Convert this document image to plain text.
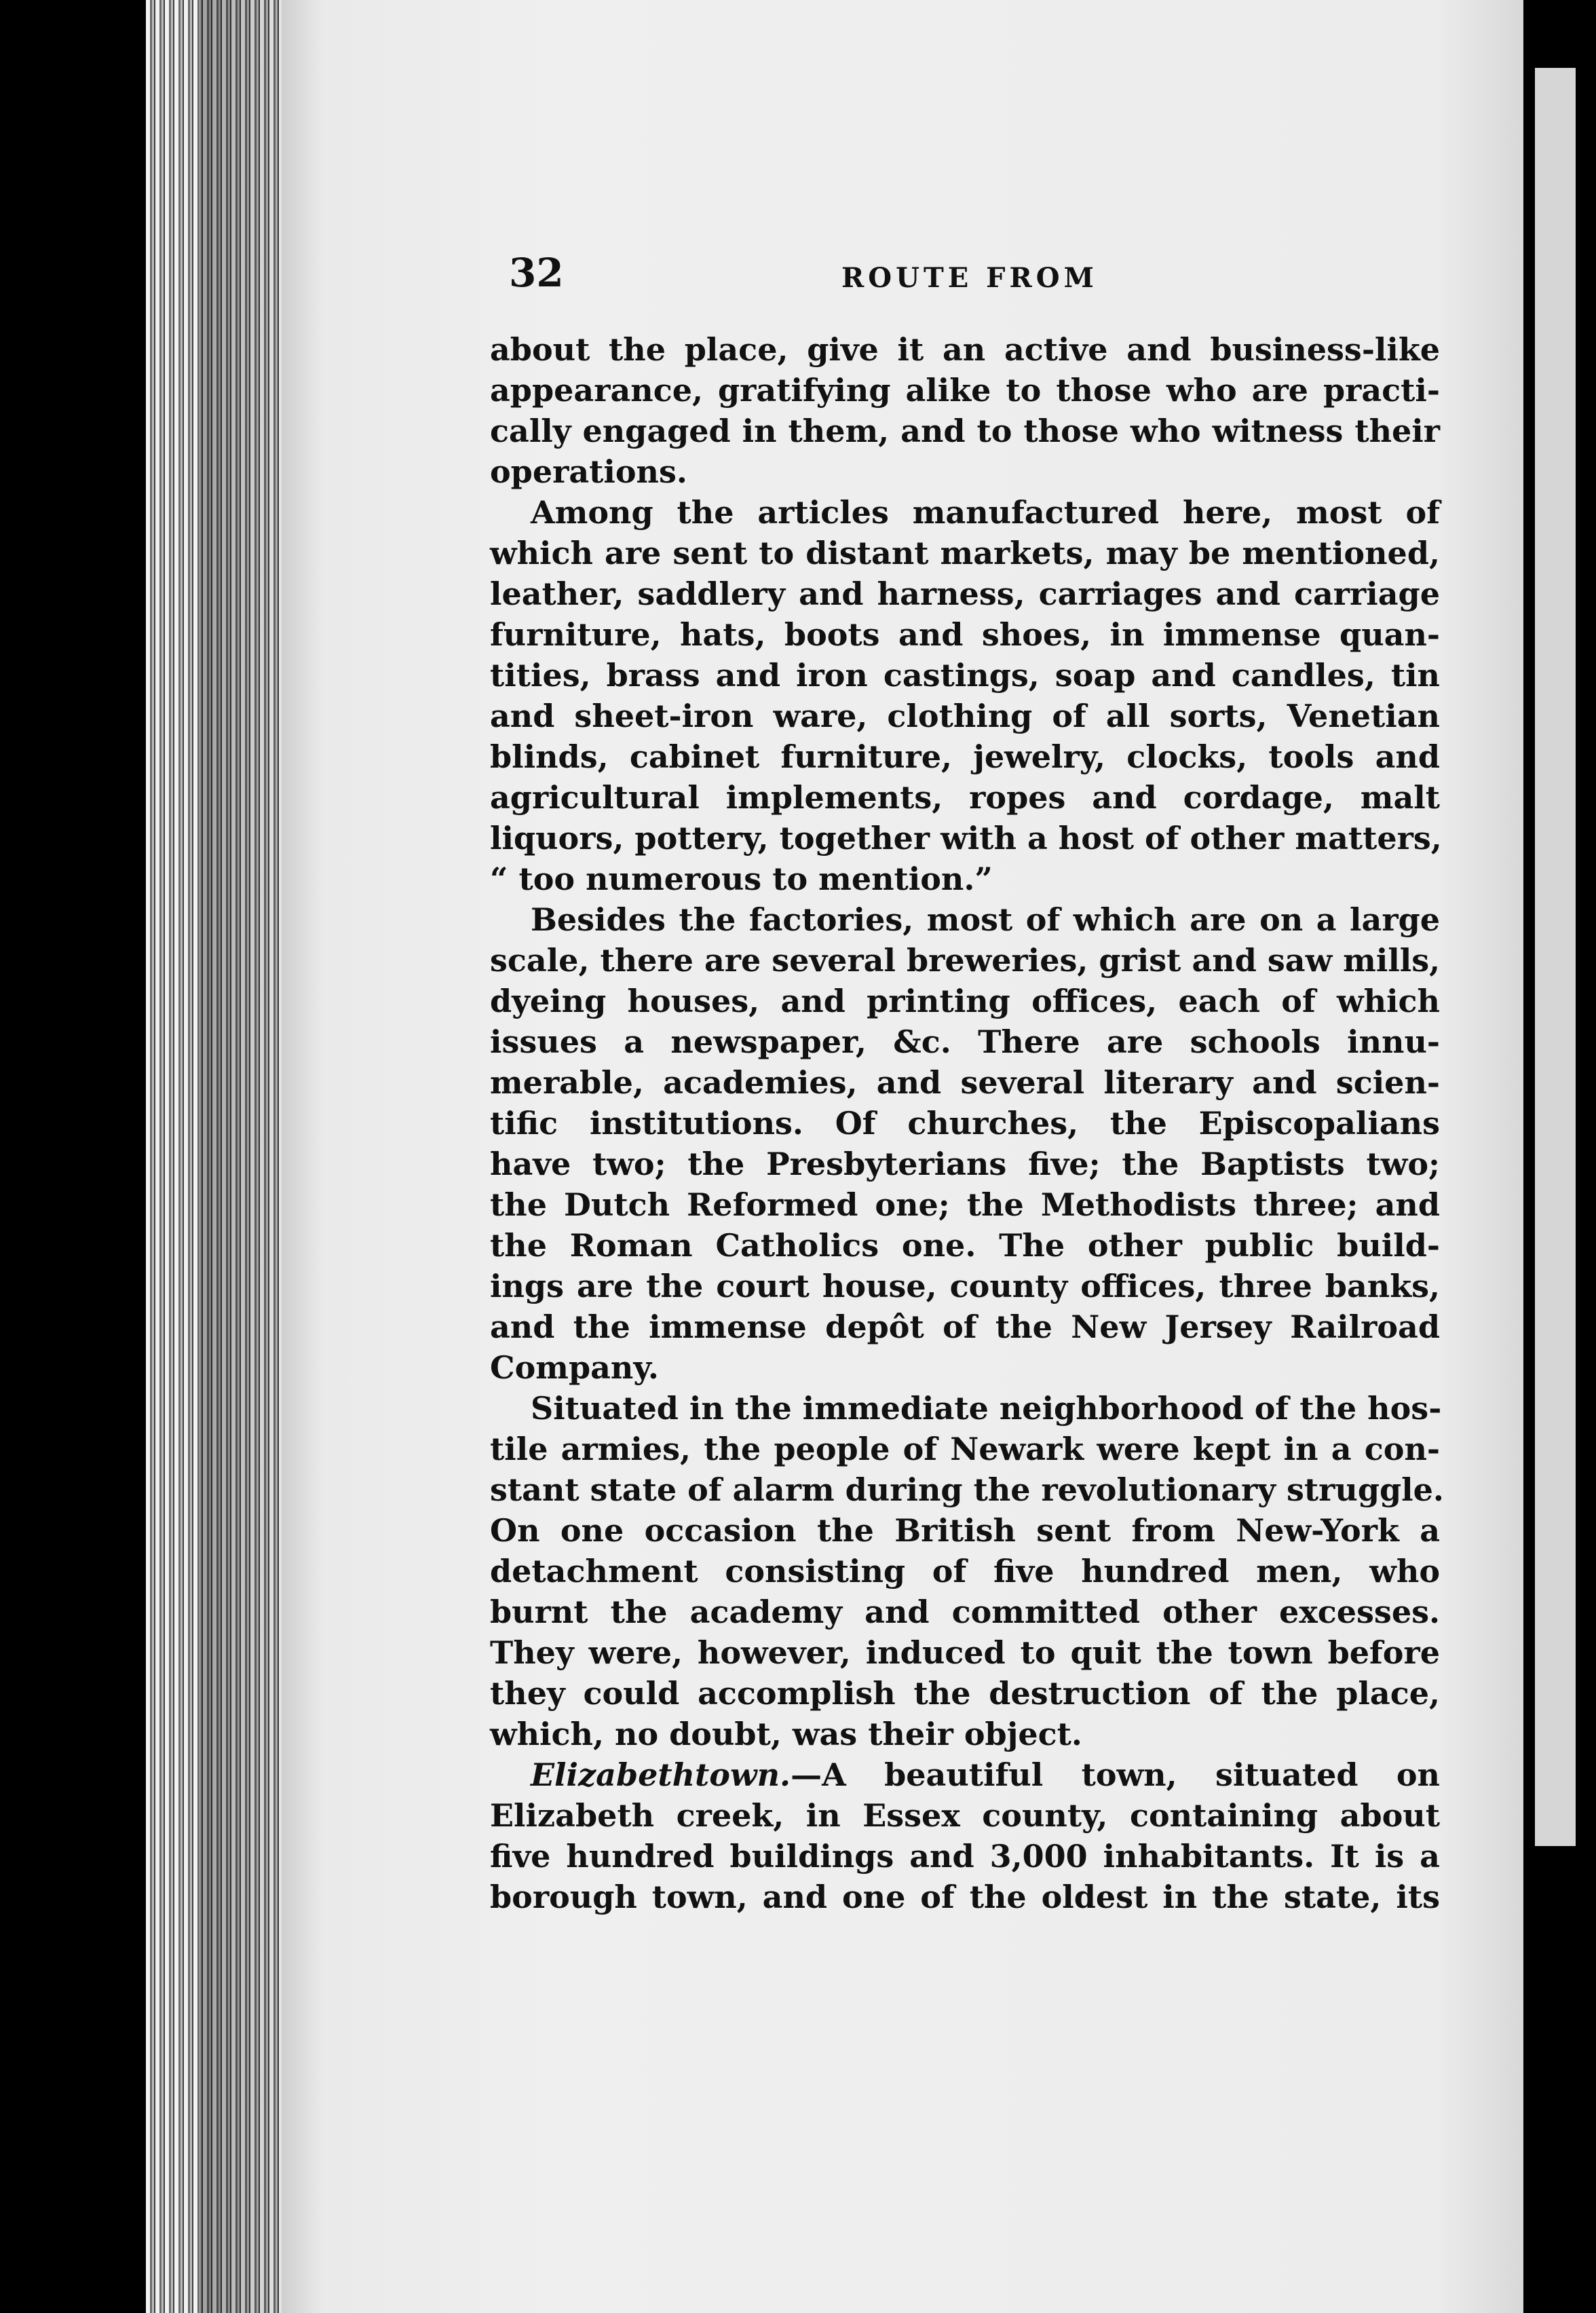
32	ROUTE FROM

about the place, give it an active and business-like
appearance, gratifying alike to those who are practi-
cally engaged in them, and to those who witness their
operations.

Among the articles manufactured here, most of
which are sent to distant markets, may be mentioned,
leather, saddlery and harness, carriages and carriage
furniture, hats, boots and shoes, in immense quan-
tities, brass and iron castings, soap and candles, tin
and sheet-iron ware, clothing of all sorts, Venetian
blinds, cabinet furniture, jewelry, clocks, tools and
agricultural implements, ropes and cordage, malt
liquors, pottery, together with a host of other matters,
“ too numerous to mention.”

Besides the factories, most of which are on a large
scale, there are several breweries, grist and saw mills,
dyeing houses, and printing offices, each of which
issues a newspaper, &c. There are schools innu-
merable, academies, and several literary and scien-
tific institutions. Of churches, the Episcopalians
have two; the Presbyterians five; the Baptists two;
the Dutch Reformed one; the Methodists three; and
the Roman Catholics one. The other public build-
ings are the court house, county offices, three banks,
and the immense depôt of the New Jersey Railroad
Company.

Situated in the immediate neighborhood of the hos-
tile armies, the people of Newark were kept in a con-
stant state of alarm during the revolutionary struggle.
On one occasion the British sent from New-York a
detachment consisting of five hundred men, who
burnt the academy and committed other excesses.
They were, however, induced to quit the town before
they could accomplish the destruction of the place,
which, no doubt, was their object.

Elizabethtown.—A beautiful town, situated on
Elizabeth creek, in Essex county, containing about
five hundred buildings and 3,000 inhabitants. It is a
borough town, and one of the oldest in the state, its
